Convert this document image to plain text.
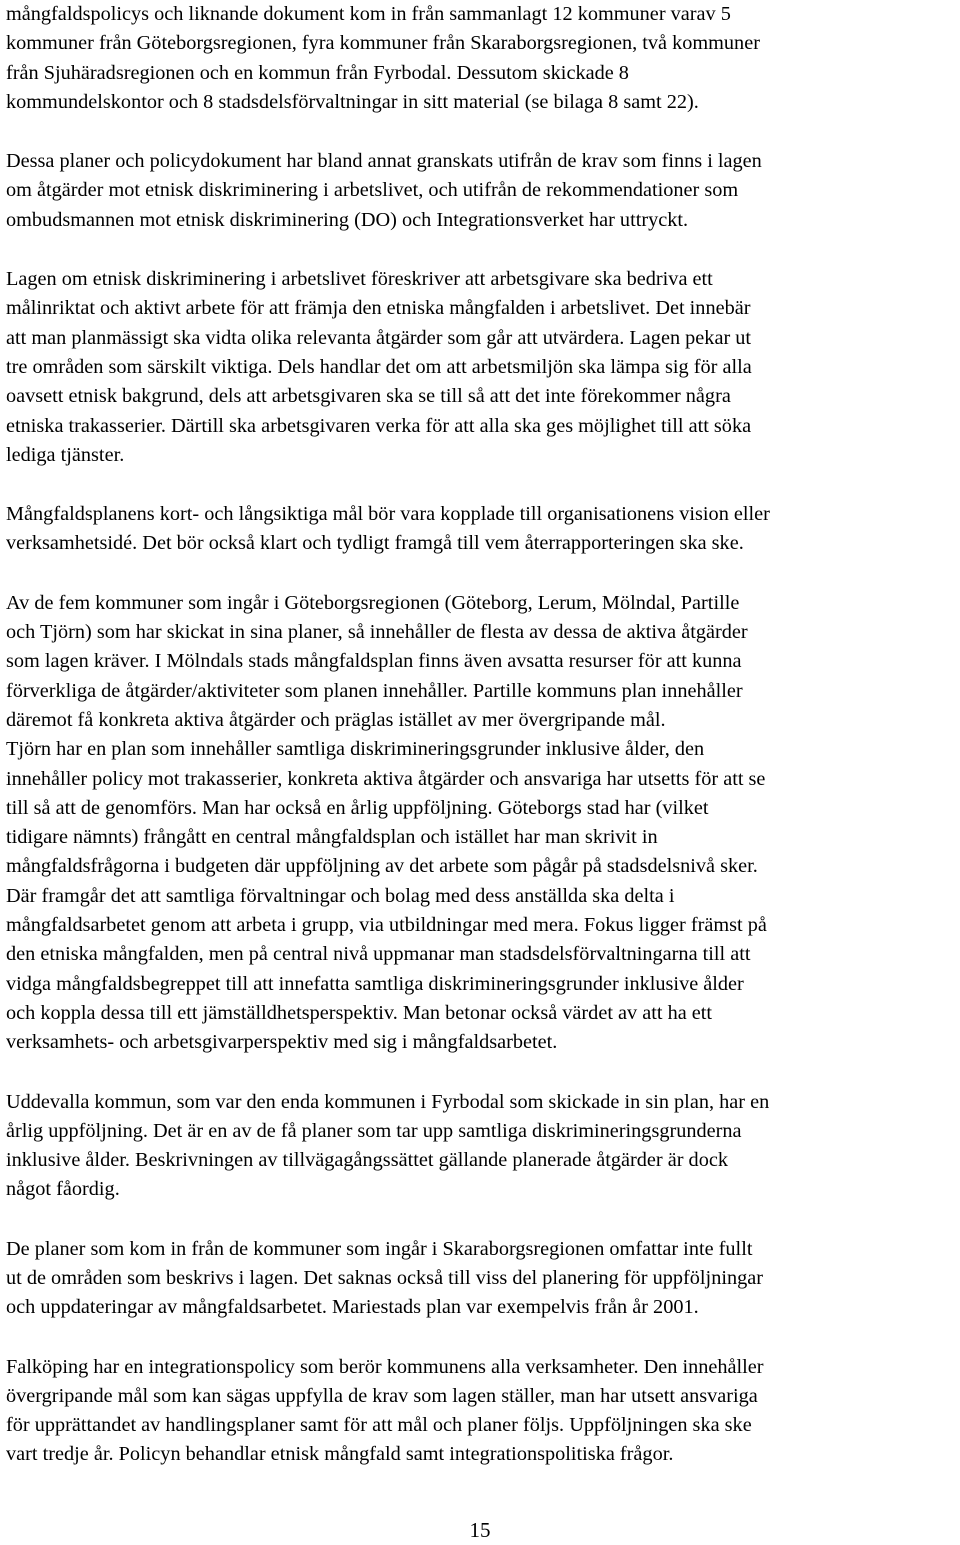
mångfaldspolicys och liknande dokument kom in från sammanlagt 12 kommuner varav 5
kommuner från Göteborgsregionen, fyra kommuner från Skaraborgsregionen, två kommuner
från Sjuhäradsregionen och en kommun från Fyrbodal. Dessutom skickade 8
kommundelskontor och 8 stadsdelsförvaltningar in sitt material (se bilaga 8 samt 22).

Dessa planer och policydokument har bland annat granskats utifrån de krav som finns i lagen
om åtgärder mot etnisk diskriminering i arbetslivet, och utifrån de rekommendationer som
ombudsmannen mot etnisk diskriminering (DO) och Integrationsverket har uttryckt.

Lagen om etnisk diskriminering i arbetslivet föreskriver att arbetsgivare ska bedriva ett
målinriktat och aktivt arbete för att främja den etniska mångfalden i arbetslivet. Det innebär
att man planmässigt ska vidta olika relevanta åtgärder som går att utvärdera. Lagen pekar ut
tre områden som särskilt viktiga. Dels handlar det om att arbetsmiljön ska lämpa sig för alla
oavsett etnisk bakgrund, dels att arbetsgivaren ska se till så att det inte förekommer några
etniska trakasserier. Därtill ska arbetsgivaren verka för att alla ska ges möjlighet till att söka
lediga tjänster.

Mångfaldsplanens kort- och långsiktiga mål bör vara kopplade till organisationens vision eller
verksamhetsidé. Det bör också klart och tydligt framgå till vem återrapporteringen ska ske.

Av de fem kommuner som ingår i Göteborgsregionen (Göteborg, Lerum, Mölndal, Partille
och Tjörn) som har skickat in sina planer, så innehåller de flesta av dessa de aktiva åtgärder
som lagen kräver. I Mölndals stads mångfaldsplan finns även avsatta resurser för att kunna
förverkliga de åtgärder/aktiviteter som planen innehåller. Partille kommuns plan innehåller
däremot få konkreta aktiva åtgärder och präglas istället av mer övergripande mål.
Tjörn har en plan som innehåller samtliga diskrimineringsgrunder inklusive ålder, den
innehåller policy mot trakasserier, konkreta aktiva åtgärder och ansvariga har utsetts för att se
till så att de genomförs. Man har också en årlig uppföljning. Göteborgs stad har (vilket
tidigare nämnts) frångått en central mångfaldsplan och istället har man skrivit in
mångfaldsfrågorna i budgeten där uppföljning av det arbete som pågår på stadsdelsnivå sker.
Där framgår det att samtliga förvaltningar och bolag med dess anställda ska delta i
mångfaldsarbetet genom att arbeta i grupp, via utbildningar med mera. Fokus ligger främst på
den etniska mångfalden, men på central nivå uppmanar man stadsdelsförvaltningarna till att
vidga mångfaldsbegreppet till att innefatta samtliga diskrimineringsgrunder inklusive ålder
och koppla dessa till ett jämställdhetsperspektiv. Man betonar också värdet av att ha ett
verksamhets- och arbetsgivarperspektiv med sig i mångfaldsarbetet.

Uddevalla kommun, som var den enda kommunen i Fyrbodal som skickade in sin plan, har en
årlig uppföljning. Det är en av de få planer som tar upp samtliga diskrimineringsgrunderna
inklusive ålder. Beskrivningen av tillvägagångssättet gällande planerade åtgärder är dock
något fåordig.

De planer som kom in från de kommuner som ingår i Skaraborgsregionen omfattar inte fullt
ut de områden som beskrivs i lagen. Det saknas också till viss del planering för uppföljningar
och uppdateringar av mångfaldsarbetet. Mariestads plan var exempelvis från år 2001.

Falköping har en integrationspolicy som berör kommunens alla verksamheter. Den innehåller
övergripande mål som kan sägas uppfylla de krav som lagen ställer, man har utsett ansvariga
för upprättandet av handlingsplaner samt för att mål och planer följs. Uppföljningen ska ske
vart tredje år. Policyn behandlar etnisk mångfald samt integrationspolitiska frågor.

15
